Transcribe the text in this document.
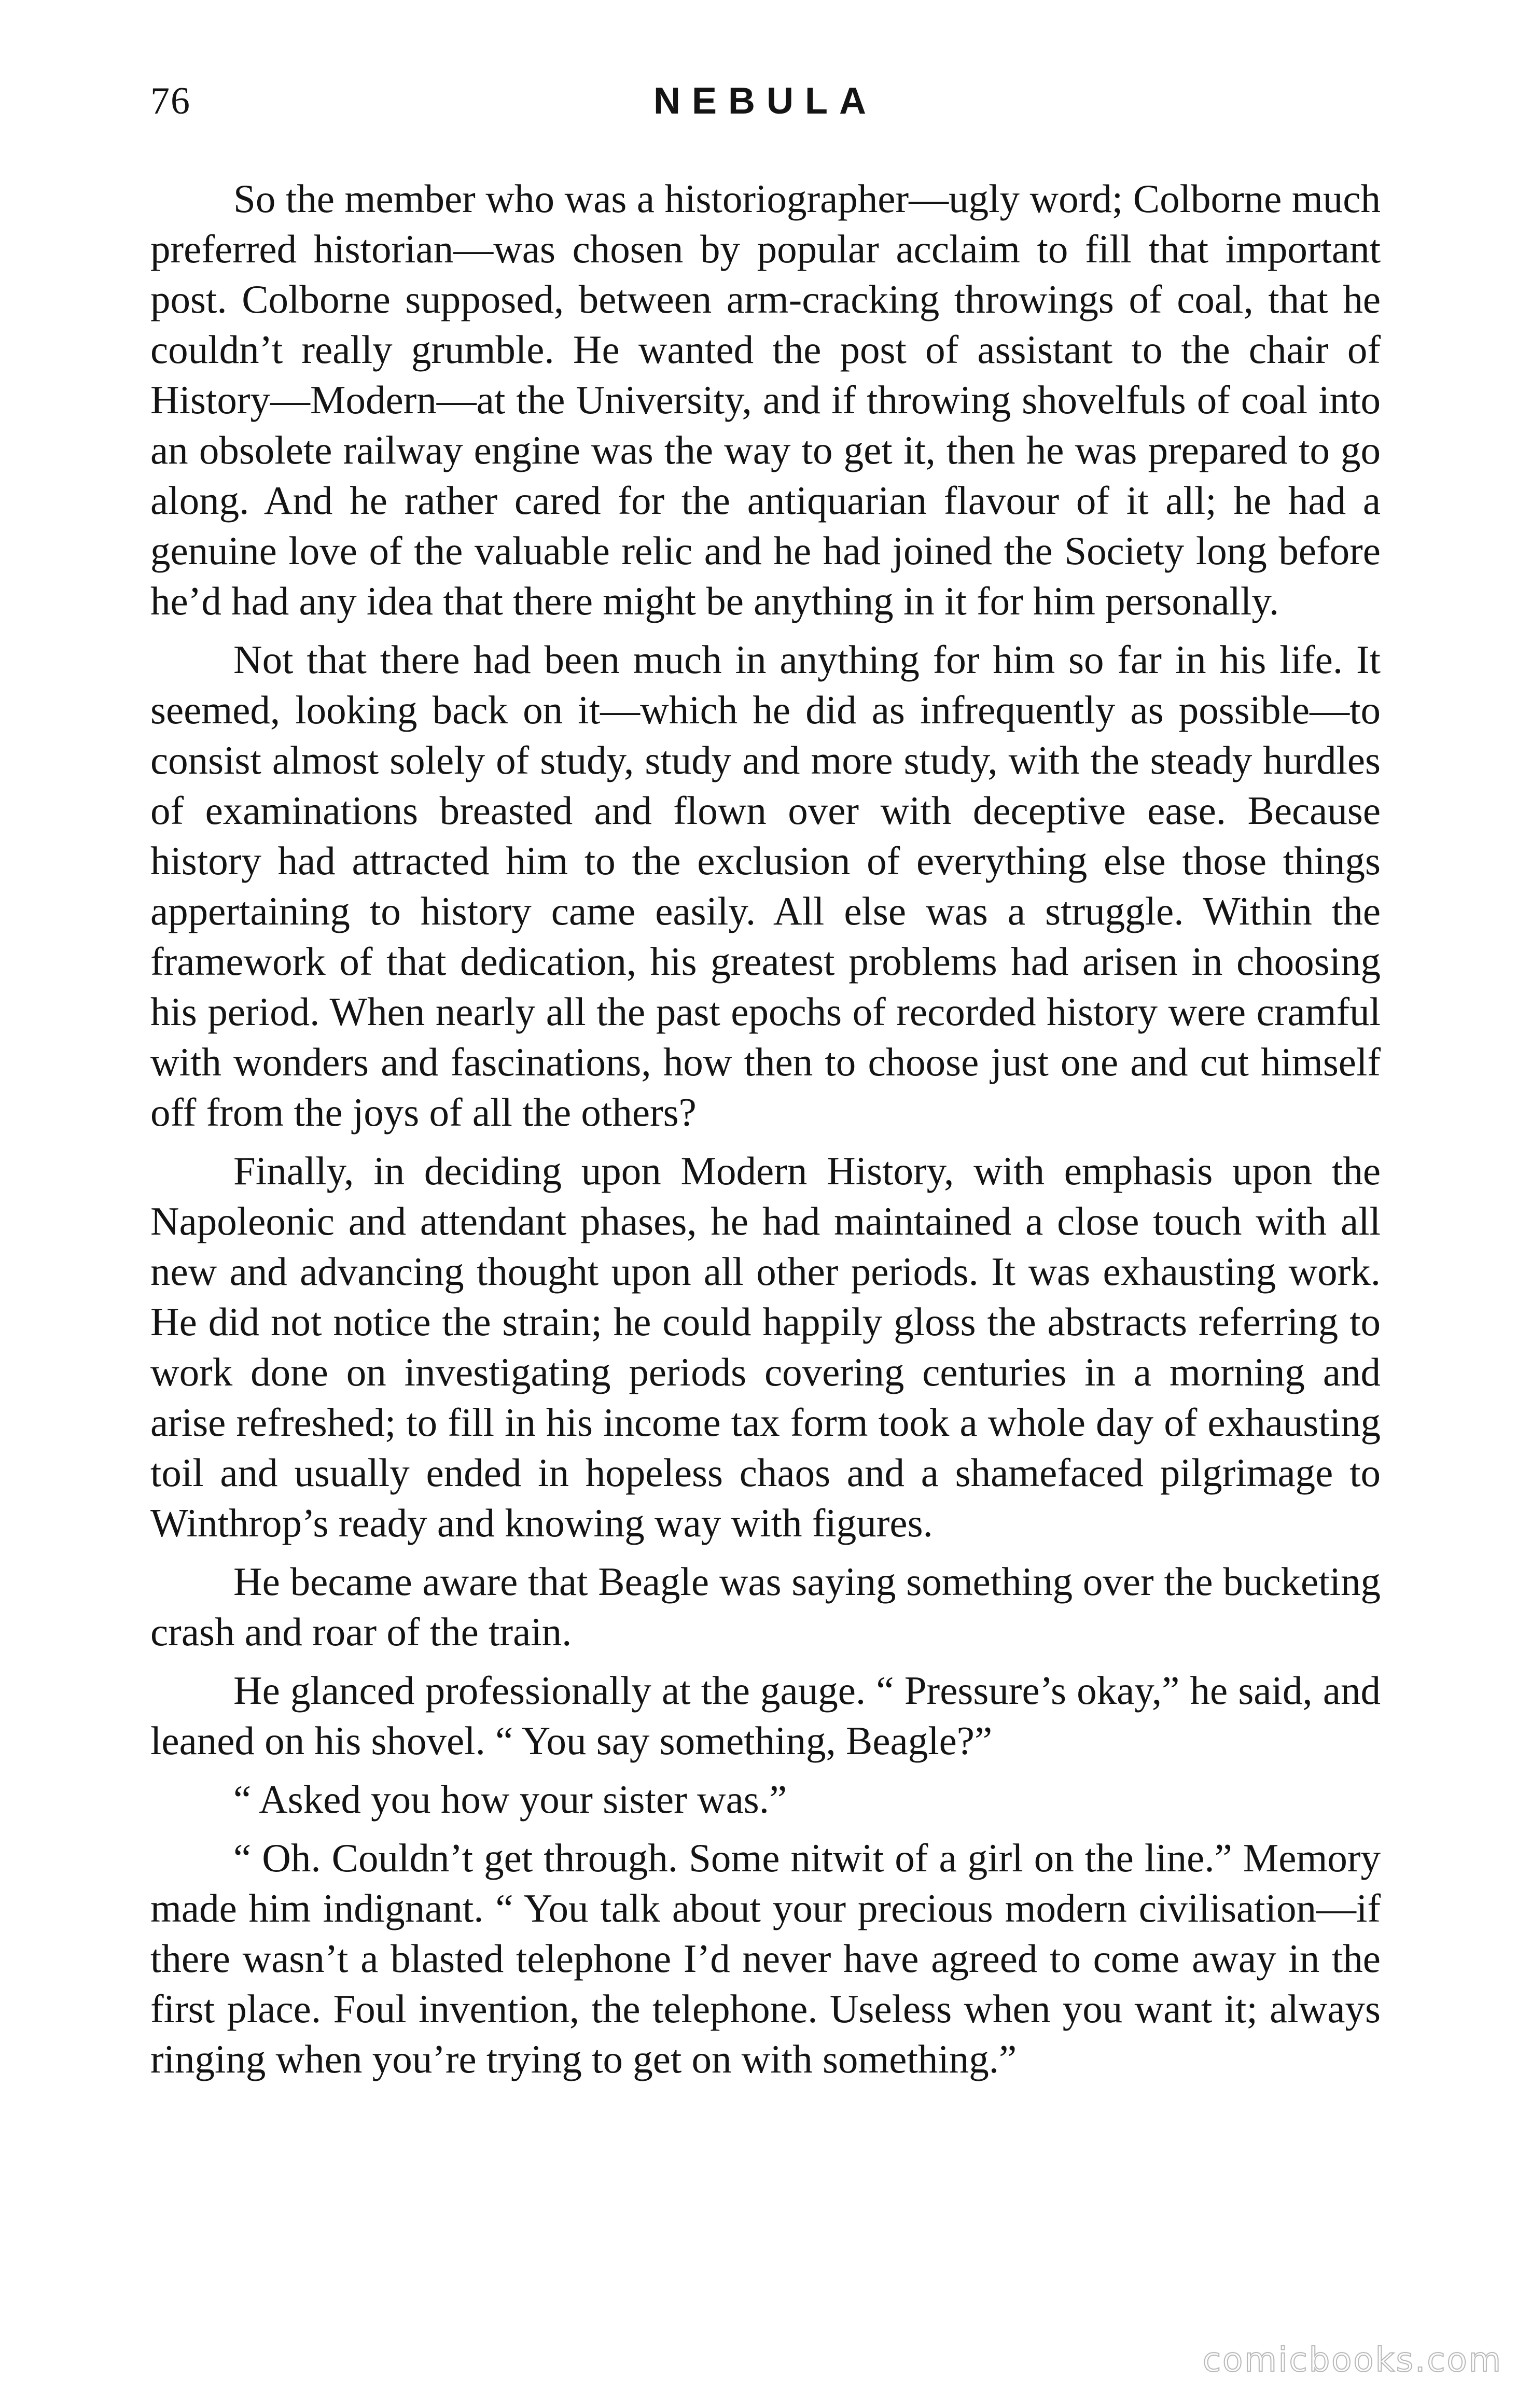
76	NEBULA

So the member who was a historiographer—ugly word; Colborne much preferred historian—was chosen by popular acclaim to fill that important post. Colborne supposed, between arm-cracking throwings of coal, that he couldn’t really grumble. He wanted the post of assistant to the chair of History—Modern—at the University, and if throwing shovelfuls of coal into an obsolete railway engine was the way to get it, then he was prepared to go along. And he rather cared for the antiquarian flavour of it all; he had a genuine love of the valuable relic and he had joined the Society long before he’d had any idea that there might be anything in it for him personally.

Not that there had been much in anything for him so far in his life. It seemed, looking back on it—which he did as infrequently as possible—to consist almost solely of study, study and more study, with the steady hurdles of examinations breasted and flown over with deceptive ease. Because history had attracted him to the exclusion of everything else those things appertaining to history came easily. All else was a struggle. Within the framework of that dedication, his greatest problems had arisen in choosing his period. When nearly all the past epochs of recorded history were cramful with wonders and fascinations, how then to choose just one and cut himself off from the joys of all the others?

Finally, in deciding upon Modern History, with emphasis upon the Napoleonic and attendant phases, he had maintained a close touch with all new and advancing thought upon all other periods. It was exhausting work. He did not notice the strain; he could happily gloss the abstracts referring to work done on investigating periods covering centuries in a morning and arise refreshed; to fill in his income tax form took a whole day of exhausting toil and usually ended in hopeless chaos and a shamefaced pilgrimage to Winthrop’s ready and knowing way with figures.

He became aware that Beagle was saying something over the bucketing crash and roar of the train.

He glanced professionally at the gauge. “ Pressure’s okay,” he said, and leaned on his shovel. “ You say something, Beagle?”

“ Asked you how your sister was.”

“ Oh. Couldn’t get through. Some nitwit of a girl on the line.” Memory made him indignant. “ You talk about your precious modern civilisation—if there wasn’t a blasted telephone I’d never have agreed to come away in the first place. Foul invention, the telephone. Useless when you want it; always ringing when you’re trying to get on with something.”

comicbooks.com
